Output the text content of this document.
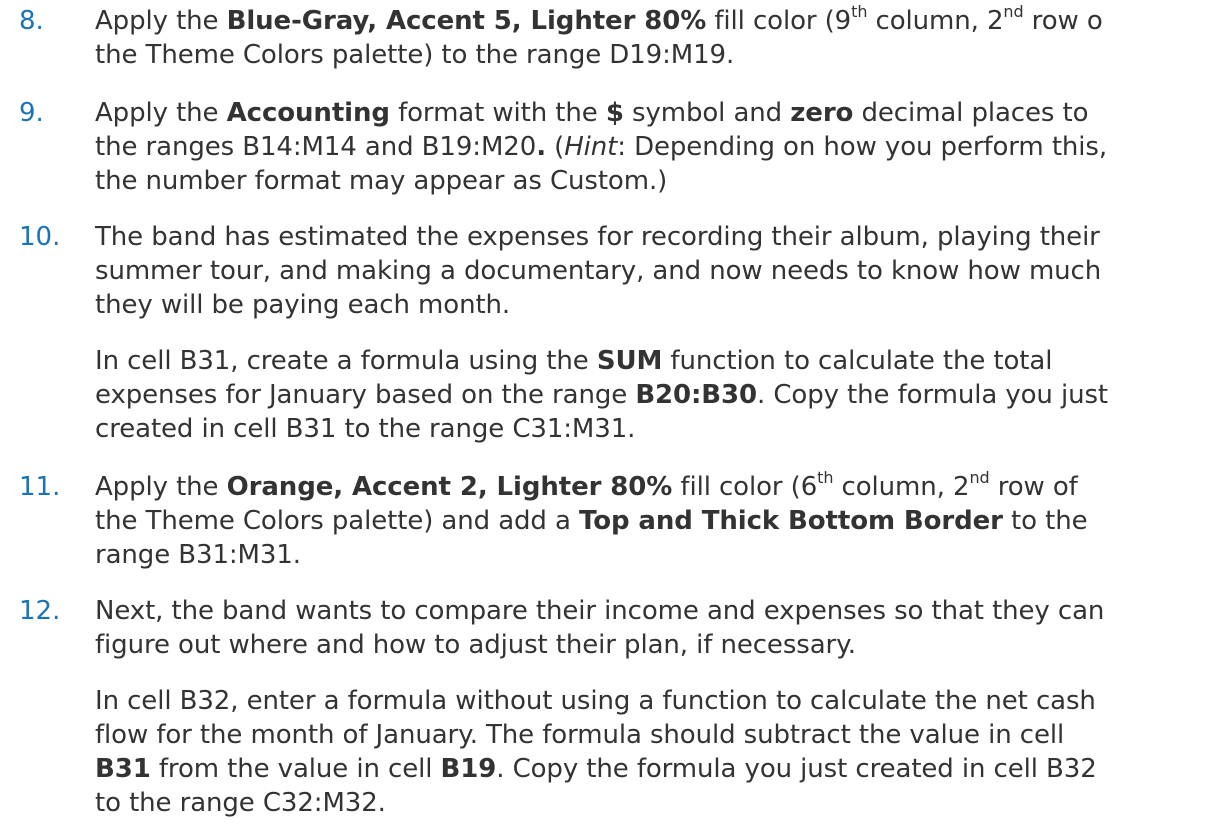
8. Apply the Blue-Gray, Accent 5, Lighter 80% fill color (9th column, 2nd row o
the Theme Colors palette) to the range D19:M19.
9. Apply the Accounting format with the $ symbol and zero decimal places to
the ranges B14:M14 and B19:M20. (Hint: Depending on how you perform this,
the number format may appear as Custom.)
10. The band has estimated the expenses for recording their album, playing their
summer tour, and making a documentary, and now needs to know how much
they will be paying each month.
In cell B31, create a formula using the SUM function to calculate the total
expenses for January based on the range B20:B30. Copy the formula you just
created in cell B31 to the range C31:M31.
11. Apply the Orange, Accent 2, Lighter 80% fill color (6th column, 2nd row of
the Theme Colors palette) and add a Top and Thick Bottom Border to the
range B31:M31.
12. Next, the band wants to compare their income and expenses so that they can
figure out where and how to adjust their plan, if necessary.
In cell B32, enter a formula without using a function to calculate the net cash
flow for the month of January. The formula should subtract the value in cell
B31 from the value in cell B19. Copy the formula you just created in cell B32
to the range C32:M32.
